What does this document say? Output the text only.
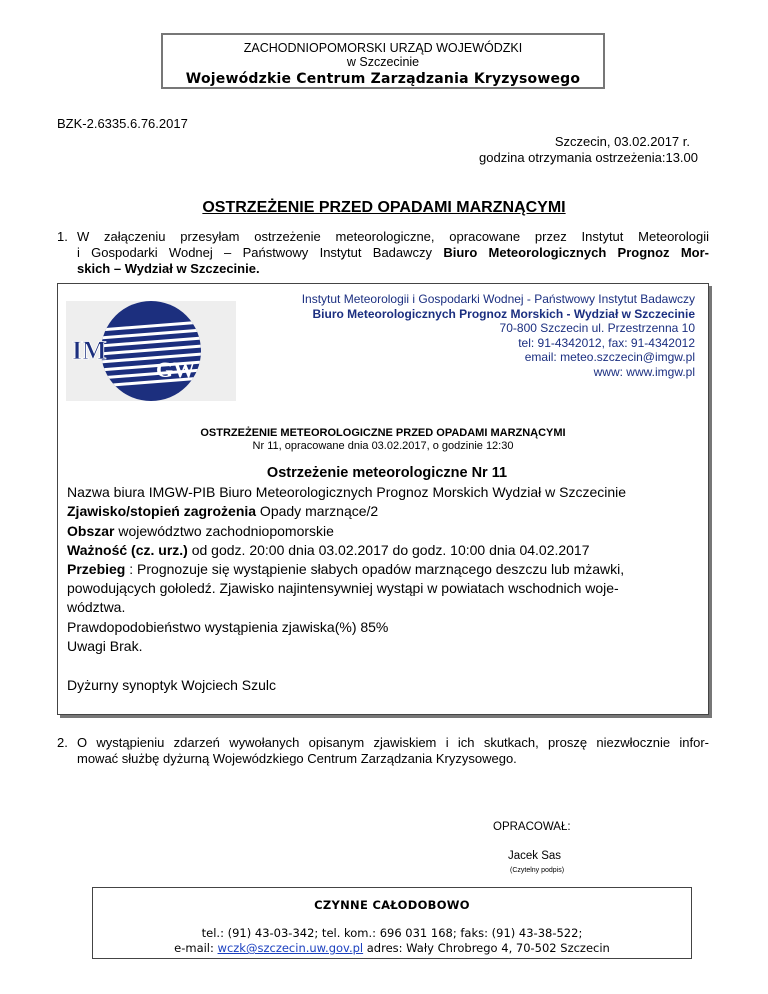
ZACHODNIOPOMORSKI URZĄD WOJEWÓDZKI
w Szczecinie
Wojewódzkie Centrum Zarządzania Kryzysowego
BZK-2.6335.6.76.2017
Szczecin, 03.02.2017 r.
godzina otrzymania ostrzeżenia:13.00
OSTRZEŻENIE PRZED OPADAMI MARZNĄCYMI
1. W załączeniu przesyłam ostrzeżenie meteorologiczne, opracowane przez Instytut Meteorologii
i Gospodarki Wodnej – Państwowy Instytut Badawczy Biuro Meteorologicznych Prognoz Mor-
skich – Wydział w Szczecinie.
IM
GW
Instytut Meteorologii i Gospodarki Wodnej - Państwowy Instytut Badawczy
Biuro Meteorologicznych Prognoz Morskich - Wydział w Szczecinie
70-800 Szczecin ul. Przestrzenna 10
tel: 91-4342012, fax: 91-4342012
email: meteo.szczecin@imgw.pl
www: www.imgw.pl
OSTRZEŻENIE METEOROLOGICZNE PRZED OPADAMI MARZNĄCYMI
Nr 11, opracowane dnia 03.02.2017, o godzinie 12:30
Ostrzeżenie meteorologiczne Nr 11
Nazwa biura IMGW-PIB Biuro Meteorologicznych Prognoz Morskich Wydział w Szczecinie
Zjawisko/stopień zagrożenia Opady marznące/2
Obszar województwo zachodniopomorskie
Ważność (cz. urz.) od godz. 20:00 dnia 03.02.2017 do godz. 10:00 dnia 04.02.2017
Przebieg : Prognozuje się wystąpienie słabych opadów marznącego deszczu lub mżawki,
powodujących gołoledź. Zjawisko najintensywniej wystąpi w powiatach wschodnich woje-
wództwa.
Prawdopodobieństwo wystąpienia zjawiska(%) 85%
Uwagi Brak.
Dyżurny synoptyk Wojciech Szulc
2. O wystąpieniu zdarzeń wywołanych opisanym zjawiskiem i ich skutkach, proszę niezwłocznie infor-
mować służbę dyżurną Wojewódzkiego Centrum Zarządzania Kryzysowego.
OPRACOWAŁ:
Jacek Sas
(Czytelny podpis)
CZYNNE CAŁODOBOWO
tel.: (91) 43-03-342; tel. kom.: 696 031 168; faks: (91) 43-38-522;
e-mail: wczk@szczecin.uw.gov.pl adres: Wały Chrobrego 4, 70-502 Szczecin
